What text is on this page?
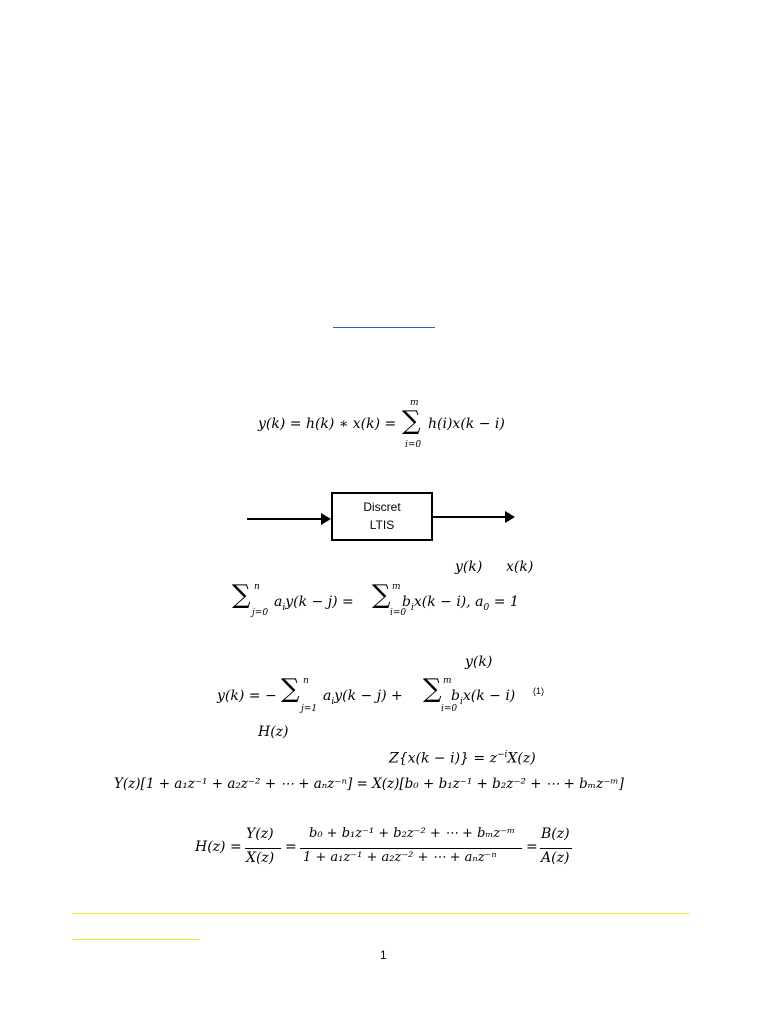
y(k) = h(k) ∗ x(k) =
m
∑
i=0
h(i)x(k − i)
Discret
LTIS
y(k) x(k)
∑ n
j=0
$a_iy(k - j)$ = ∑ m
i=0
$b_ix(k - i)$, $a_0 = 1$
y(k)
y(k) = − ∑ n
j=1
$a_iy(k - j)$ + ∑ m
i=0
$b_ix(k - i)$ (1)
H(z)
$Z\{x(k - i)\} = z^{-i}X(z)$
Y(z)[1 + a₁z⁻¹ + a₂z⁻² + ⋯ + aₙz⁻ⁿ] = X(z)[b₀ + b₁z⁻¹ + b₂z⁻² + ⋯ + bₘz⁻ᵐ]
H(z) =
Y(z)
X(z)
=
b₀ + b₁z⁻¹ + b₂z⁻² + ⋯ + bₘz⁻ᵐ
1 + a₁z⁻¹ + a₂z⁻² + ⋯ + aₙz⁻ⁿ
=
B(z)
A(z)
1
